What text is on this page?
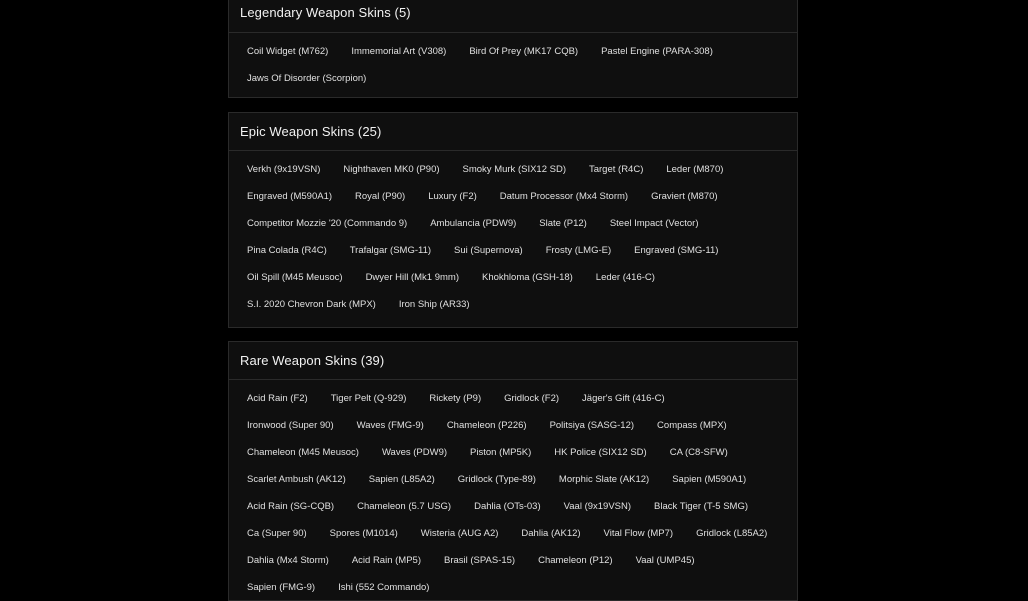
Legendary Weapon Skins (5)
Coil Widget (M762)	Immemorial Art (V308)	Bird Of Prey (MK17 CQB)	Pastel Engine (PARA-308)
Jaws Of Disorder (Scorpion)
Epic Weapon Skins (25)
Verkh (9x19VSN)	Nighthaven MK0 (P90)	Smoky Murk (SIX12 SD)	Target (R4C)	Leder (M870)
Engraved (M590A1)	Royal (P90)	Luxury (F2)	Datum Processor (Mx4 Storm)	Graviert (M870)
Competitor Mozzie '20 (Commando 9)	Ambulancia (PDW9)	Slate (P12)	Steel Impact (Vector)
Pina Colada (R4C)	Trafalgar (SMG-11)	Sui (Supernova)	Frosty (LMG-E)	Engraved (SMG-11)
Oil Spill (M45 Meusoc)	Dwyer Hill (Mk1 9mm)	Khokhloma (GSH-18)	Leder (416-C)
S.I. 2020 Chevron Dark (MPX)	Iron Ship (AR33)
Rare Weapon Skins (39)
Acid Rain (F2)	Tiger Pelt (Q-929)	Rickety (P9)	Gridlock (F2)	Jäger's Gift (416-C)
Ironwood (Super 90)	Waves (FMG-9)	Chameleon (P226)	Politsiya (SASG-12)	Compass (MPX)
Chameleon (M45 Meusoc)	Waves (PDW9)	Piston (MP5K)	HK Police (SIX12 SD)	CA (C8-SFW)
Scarlet Ambush (AK12)	Sapien (L85A2)	Gridlock (Type-89)	Morphic Slate (AK12)	Sapien (M590A1)
Acid Rain (SG-CQB)	Chameleon (5.7 USG)	Dahlia (OTs-03)	Vaal (9x19VSN)	Black Tiger (T-5 SMG)
Ca (Super 90)	Spores (M1014)	Wisteria (AUG A2)	Dahlia (AK12)	Vital Flow (MP7)	Gridlock (L85A2)
Dahlia (Mx4 Storm)	Acid Rain (MP5)	Brasil (SPAS-15)	Chameleon (P12)	Vaal (UMP45)
Sapien (FMG-9)	Ishi (552 Commando)
